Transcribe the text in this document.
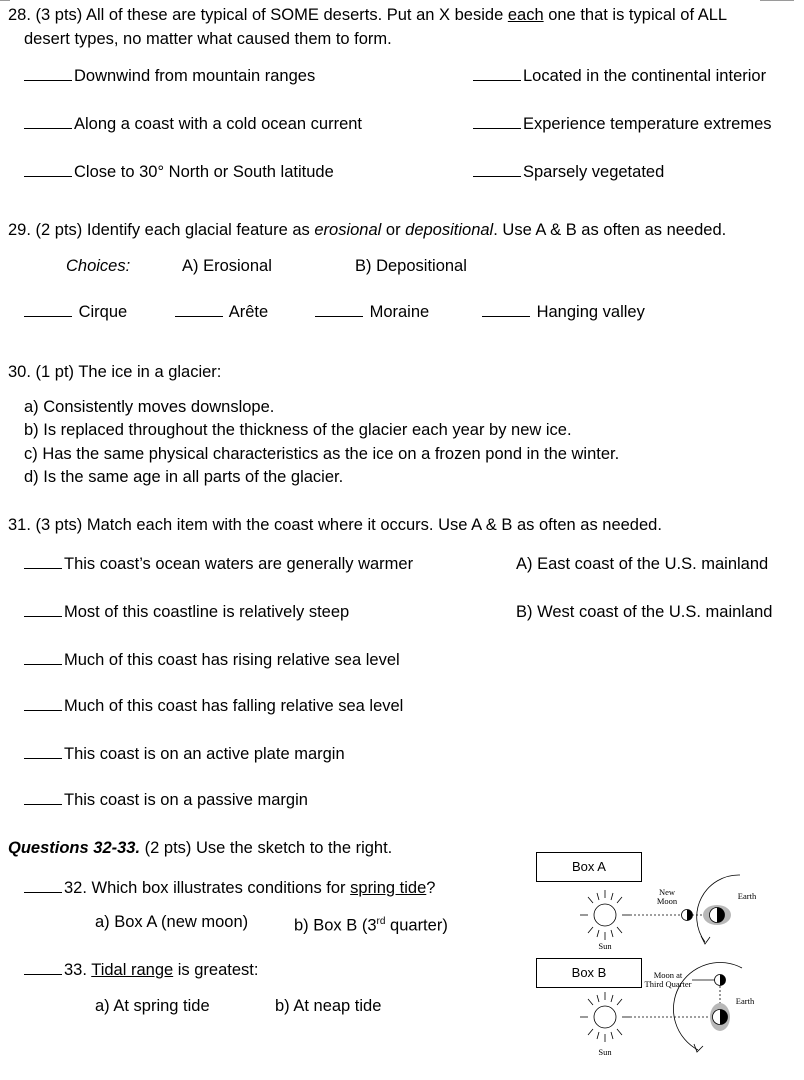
28. (3 pts) All of these are typical of SOME deserts. Put an X beside each one that is typical of ALL
desert types, no matter what caused them to form.
Downwind from mountain ranges	Located in the continental interior
Along a coast with a cold ocean current	Experience temperature extremes
Close to 30° North or South latitude	Sparsely vegetated
29. (2 pts) Identify each glacial feature as erosional or depositional. Use A & B as often as needed.
Choices:	A) Erosional	B) Depositional
Cirque	Arête	Moraine	Hanging valley
30. (1 pt) The ice in a glacier:
a) Consistently moves downslope.
b) Is replaced throughout the thickness of the glacier each year by new ice.
c) Has the same physical characteristics as the ice on a frozen pond in the winter.
d) Is the same age in all parts of the glacier.
31. (3 pts) Match each item with the coast where it occurs. Use A & B as often as needed.
This coast’s ocean waters are generally warmer
Most of this coastline is relatively steep
Much of this coast has rising relative sea level
Much of this coast has falling relative sea level
This coast is on an active plate margin
This coast is on a passive margin
A) East coast of the U.S. mainland
B) West coast of the U.S. mainland
Questions 32-33. (2 pts) Use the sketch to the right.
32. Which box illustrates conditions for spring tide?
a) Box A (new moon)	b) Box B (3rd quarter)
33. Tidal range is greatest:
a) At spring tide	b) At neap tide
Box A
Box B
Sun
Sun
New
Moon	Earth
Moon at
Third Quarter
Earth
